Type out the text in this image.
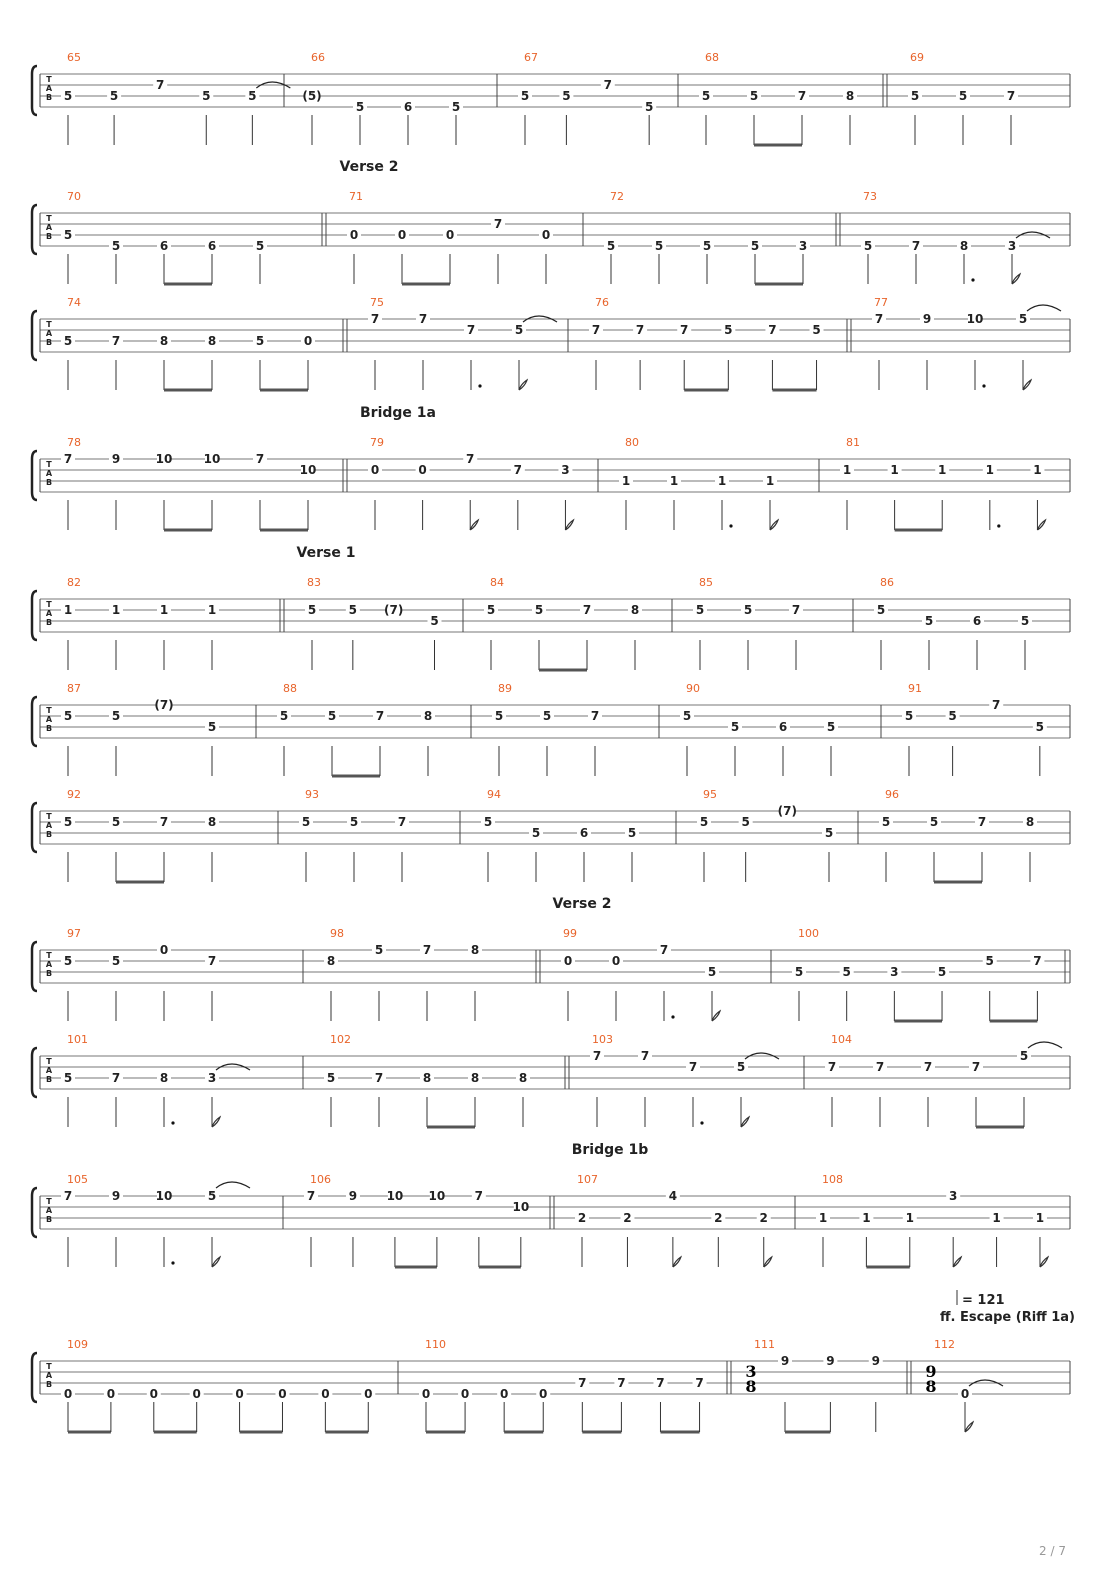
2 / 7
T
A
B
65
5	5
7
5	5
66
(5)
5	6	5
67
5	5
7
5
68
5	5	7	8
69
5	5	7
T
A
B
Verse 2
70
5
5	6	6	5
71
0	0	0
7
0
72
5	5	5	5	3
73
5	7	8	3
T
A
B
74
5	7	8	8	5	0
75
7	7
7	5
76
7	7	7	5	7	5
77
7	9	10	5
T
A
B
Bridge 1a
78
7	9	10	10	7
10
79
0	0
7
7	3
80
1	1	1	1
81
1	1	1	1	1
T
A
B
Verse 1
82
1	1	1	1
83
5	5 (7)
5
84
5	5	7	8
85
5	5	7
86
5
5	6	5
T
A
B
87
5	5
(7)
5
88
5	5	7	8
89
5	5	7
90
5
5	6	5
91
5	5
7
5
T
A
B
92
5	5	7	8
93
5	5	7
94
5
5	6	5
95
5	5
(7)
5
96
5	5	7	8
T
A
B
Verse 2
97
5	5
0
7
98
8
5	7	8
99
0	0
7
5
100
5	5	3	5
5	7
T
A
B
101
5	7	8	3
102
5	7	8	8	8
103
7	7
7	5
104
7	7	7	7
5
T
A
B
Bridge 1b
105
7	9	10	5
106
7	9 10 10 7
10
107
2	2
4
2	2
108
1	1	1
3
1	1
T
A
B
109
0	0	0	0	0	0	0	0
110
0	0	0	0
7	7	7	7
111
3
8
9	9	9
112
9
8 0
= 121
ff. Escape (Riff 1a)
